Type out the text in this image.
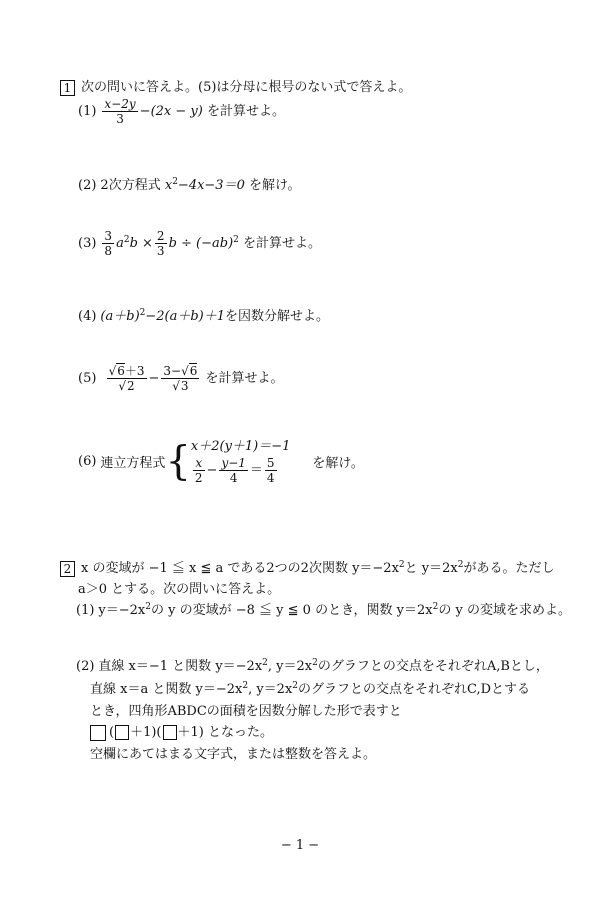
1 次の問いに答えよ。(5)は分母に根号のない式で答えよ。
$(1) \frac{x-2y}{3} -(2x - y)$ を計算せよ。
(2) 2次方程式 $x^2-4x-3=0$ を解け。
$(3) \frac{3}{8} a^2b \times \frac{2}{3}$ $b \div (-ab)^2$ を計算せよ。
(4) $(a+b)^2-2(a+b)+1$を因数分解せよ。
$(5) \frac{√6+3}{√2} - \frac{3-√6}{√3}$ を計算せよ。
(6) 連立方程式{ x＋2(y＋1)＝−1
$\frac{x}{2} - \frac{y-1}{4} = \frac{5}{4}$	を解け。
2 x の変域が −1 ≦ x ≦ a である2つの2次関数 $y=-2x^2$と $y=2x^2$がある。ただし
a＞0 とする。次の問いに答えよ。
(1) $y=-2x^2$の y の変域が −8 ≦ y ≦ 0 のとき，関数 $y=2x^2$の y の変域を求めよ。
(2) 直線 x＝−1 と関数 $y=-2x^2$, $y=2x^2$のグラフとの交点をそれぞれA,Bとし，
直線 x＝a と関数 $y=-2x^2$, $y=2x^2$のグラフとの交点をそれぞれC,Dとする
とき，四角形ABDCの面積を因数分解した形で表すと
( ＋1)( ＋1) となった。
空欄にあてはまる文字式，または整数を答えよ。
− 1 −
